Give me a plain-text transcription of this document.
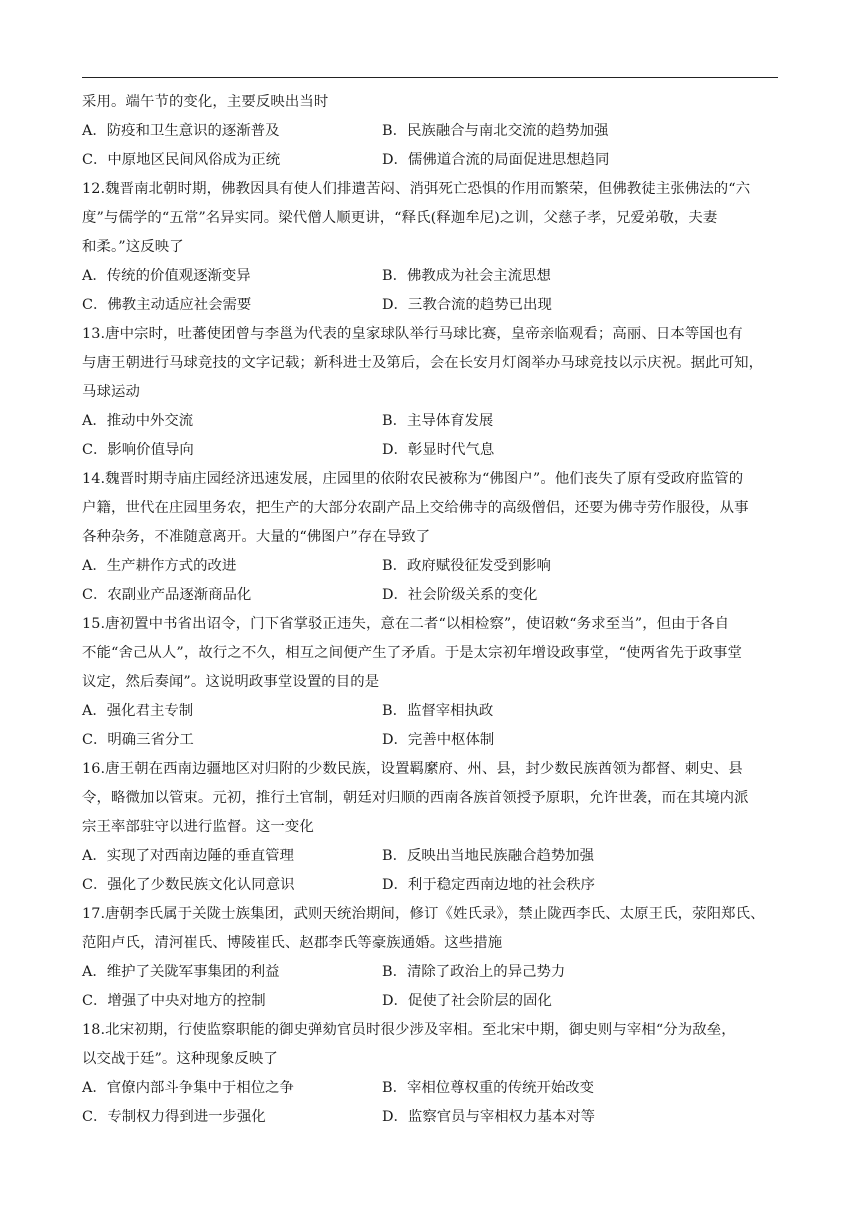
采用。端午节的变化，主要反映出当时
A．防疫和卫生意识的逐渐普及	B．民族融合与南北交流的趋势加强
C．中原地区民间风俗成为正统	D．儒佛道合流的局面促进思想趋同
12.魏晋南北朝时期，佛教因具有使人们排遣苦闷、消弭死亡恐惧的作用而繁荣，但佛教徒主张佛法的“六
度”与儒学的“五常”名异实同。梁代僧人顺更讲，“释氏(释迦牟尼)之训，父慈子孝，兄爱弟敬，夫妻
和柔。”这反映了
A．传统的价值观逐渐变异	B．佛教成为社会主流思想
C．佛教主动适应社会需要	D．三教合流的趋势已出现
13.唐中宗时，吐蕃使团曾与李邕为代表的皇家球队举行马球比赛，皇帝亲临观看；高丽、日本等国也有
与唐王朝进行马球竞技的文字记载；新科进士及第后，会在长安月灯阁举办马球竞技以示庆祝。据此可知，
马球运动
A．推动中外交流	B．主导体育发展
C．影响价值导向	D．彰显时代气息
14.魏晋时期寺庙庄园经济迅速发展，庄园里的依附农民被称为“佛图户”。他们丧失了原有受政府监管的
户籍，世代在庄园里务农，把生产的大部分农副产品上交给佛寺的高级僧侣，还要为佛寺劳作服役，从事
各种杂务，不准随意离开。大量的“佛图户”存在导致了
A．生产耕作方式的改进	B．政府赋役征发受到影响
C．农副业产品逐渐商品化	D．社会阶级关系的变化
15.唐初置中书省出诏令，门下省掌驳正违失，意在二者“以相检察”，使诏敕“务求至当”，但由于各自
不能“舍己从人”，故行之不久，相互之间便产生了矛盾。于是太宗初年增设政事堂，“使两省先于政事堂
议定，然后奏闻”。这说明政事堂设置的目的是
A．强化君主专制	B．监督宰相执政
C．明确三省分工	D．完善中枢体制
16.唐王朝在西南边疆地区对归附的少数民族，设置羁縻府、州、县，封少数民族酋领为都督、刺史、县
令，略微加以管束。元初，推行土官制，朝廷对归顺的西南各族首领授予原职，允许世袭，而在其境内派
宗王率部驻守以进行监督。这一变化
A．实现了对西南边陲的垂直管理	B．反映出当地民族融合趋势加强
C．强化了少数民族文化认同意识	D．利于稳定西南边地的社会秩序
17.唐朝李氏属于关陇士族集团，武则天统治期间，修订《姓氏录》，禁止陇西李氏、太原王氏，荥阳郑氏、
范阳卢氏，清河崔氏、博陵崔氏、赵郡李氏等豪族通婚。这些措施
A．维护了关陇军事集团的利益	B．清除了政治上的异己势力
C．增强了中央对地方的控制	D．促使了社会阶层的固化
18.北宋初期，行使监察职能的御史弹劾官员时很少涉及宰相。至北宋中期，御史则与宰相“分为敌垒，
以交战于廷”。这种现象反映了
A．官僚内部斗争集中于相位之争	B．宰相位尊权重的传统开始改变
C．专制权力得到进一步强化	D．监察官员与宰相权力基本对等
